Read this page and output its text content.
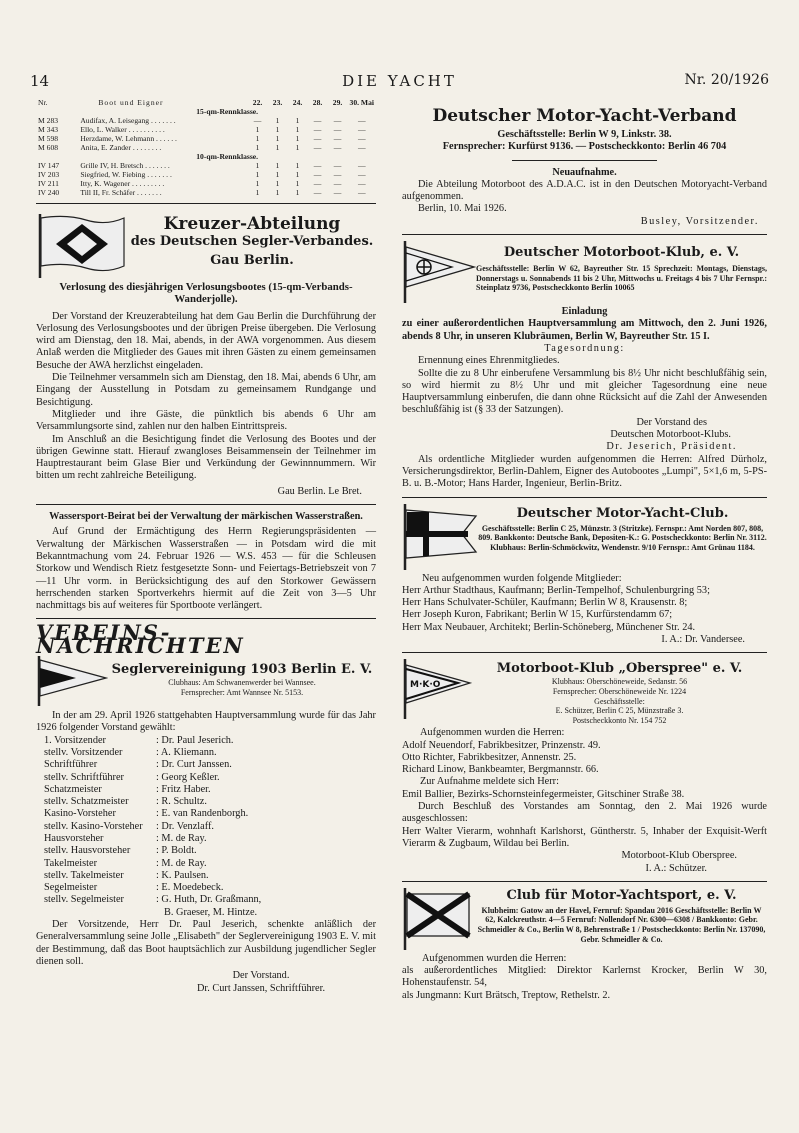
14	DIE YACHT	Nr. 20/1926
Nr.	Boot und Eigner	22.	23.	24.	28.	29.	30. Mai
	15-qm-Rennklasse.						
M 283	Audifax, A. Leisegang . . . . . . .	—	1	1	—	—	—
M 343	Ello, L. Walker . . . . . . . . . .	1	1	1	—	—	—
M 598	Herzdame, W. Lehmann . . . . . .	1	1	1	—	—	—
M 608	Anita, E. Zander . . . . . . . .	1	1	1	—	—	—
	10-qm-Rennklasse.						
IV 147	Grille IV, H. Bretsch . . . . . . .	1	1	1	—	—	—
IV 203	Siegfried, W. Fiebing . . . . . . .	1	1	1	—	—	—
IV 211	Itty, K. Wagener . . . . . . . . .	1	1	1	—	—	—
IV 240	Till II, Fr. Schäfer . . . . . . .	1	1	1	—	—	—
Kreuzer-Abteilung
des Deutschen Segler-Verbandes.
Gau Berlin.

Verlosung des diesjährigen Verlosungsbootes (15-qm-Verbands-Wanderjolle).

Der Vorstand der Kreuzerabteilung hat dem Gau Berlin die Durchführung der Verlosung des Verlosungsbootes und der übrigen Preise übergeben. Die Verlosung wird am Dienstag, den 18. Mai, abends, in der AWA vorgenommen. Aus diesem Anlaß werden die Mitglieder des Gaues mit ihren Gästen zu einem gemeinsamen Besuche der AWA herzlichst eingeladen.

Die Teilnehmer versammeln sich am Dienstag, den 18. Mai, abends 6 Uhr, am Eingang der Ausstellung in Potsdam zu gemeinsamem Rundgange und Besichtigung.

Mitglieder und ihre Gäste, die pünktlich bis abends 6 Uhr am Versammlungsorte sind, zahlen nur den halben Eintrittspreis.

Im Anschluß an die Besichtigung findet die Verlosung des Bootes und der übrigen Gewinne statt. Hierauf zwangloses Beisammensein der Teilnehmer im Hauptrestaurant beim Glase Bier und Verkündung der Gewinnnummern. Wir bitten um recht zahlreiche Beteiligung.

Gau Berlin. Le Bret.

Wassersport-Beirat bei der Verwaltung der märkischen Wasserstraßen.

Auf Grund der Ermächtigung des Herrn Regierungspräsidenten — Verwaltung der Märkischen Wasserstraßen — in Potsdam wird die mit Bekanntmachung vom 24. Februar 1926 — W.S. 453 — für die Schleusen Storkow und Wendisch Rietz festgesetzte Sonn- und Feiertags-Betriebszeit von 7—11 Uhr vorm. in Berücksichtigung des auf den Storkower Gewässern herrschenden starken Sportverkehrs hiermit auf die Zeit von 3—5 Uhr nachmittags bis auf weiteres für Sportboote verlängert.

VEREINS-NACHRICHTEN
Seglervereinigung 1903 Berlin E. V.
Clubhaus: Am Schwanenwerder bei Wannsee.
Fernsprecher: Amt Wannsee Nr. 5153.

In der am 29. April 1926 stattgehabten Hauptversammlung wurde für das Jahr 1926 folgender Vorstand gewählt:

1. Vorsitzender	: Dr. Paul Jeserich.
stellv. Vorsitzender	: A. Kliemann.
Schriftführer	: Dr. Curt Janssen.
stellv. Schriftführer	: Georg Keßler.
Schatzmeister	: Fritz Haber.
stellv. Schatzmeister	: R. Schultz.
Kasino-Vorsteher	: E. van Randenborgh.
stellv. Kasino-Vorsteher	: Dr. Venzlaff.
Hausvorsteher	: M. de Ray.
stellv. Hausvorsteher	: P. Boldt.
Takelmeister	: M. de Ray.
stellv. Takelmeister	: K. Paulsen.
Segelmeister	: E. Moedebeck.
stellv. Segelmeister	: G. Huth, Dr. Graßmann,
	B. Graeser, M. Hintze.

Der Vorsitzende, Herr Dr. Paul Jeserich, schenkte anläßlich der Generalversammlung seine Jolle „Elisabeth" der Seglervereinigung 1903 E. V. mit der Bestimmung, daß das Boot hauptsächlich zur Ausbildung jugendlicher Segler dienen soll.

Der Vorstand.

Dr. Curt Janssen, Schriftführer.

Deutscher Motor-Yacht-Verband

Geschäftsstelle: Berlin W 9, Linkstr. 38.

Fernsprecher: Kurfürst 9136. — Postscheckkonto: Berlin 46 704

Neuaufnahme.

Die Abteilung Motorboot des A.D.A.C. ist in den Deutschen Motoryacht-Verband aufgenommen.

Berlin, 10. Mai 1926.

Busley, Vorsitzender.

Deutscher Motorboot-Klub, e. V.

Geschäftsstelle: Berlin W 62, Bayreuther Str. 15 Sprechzeit: Montags, Dienstags, Donnerstags u. Sonnabends 11 bis 2 Uhr, Mittwochs u. Freitags 4 bis 7 Uhr Fernspr.: Steinplatz 9736, Postscheckkonto Berlin 10065

Einladung

zu einer außerordentlichen Hauptversammlung am Mittwoch, den 2. Juni 1926, abends 8 Uhr, in unseren Klubräumen, Berlin W, Bayreuther Str. 15 I.

Tagesordnung:

Ernennung eines Ehrenmitgliedes.

Sollte die zu 8 Uhr einberufene Versammlung bis 8½ Uhr nicht beschlußfähig sein, so wird hiermit zu 8½ Uhr und mit gleicher Tagesordnung eine neue Hauptversammlung einberufen, die dann ohne Rücksicht auf die Zahl der Anwesenden beschlußfähig ist (§ 33 der Satzungen).

Der Vorstand des

Deutschen Motorboot-Klubs.

Dr. Jeserich, Präsident.

Als ordentliche Mitglieder wurden aufgenommen die Herren: Alfred Dürholz, Versicherungsdirektor, Berlin-Dahlem, Eigner des Autobootes „Lumpi", 5×1,6 m, 5-PS-B. u. B.-Motor; Hans Harder, Ingenieur, Berlin-Britz.

Deutscher Motor-Yacht-Club.

Geschäftsstelle: Berlin C 25, Münzstr. 3 (Stritzke). Fernspr.: Amt Norden 807, 808, 809. Bankkonto: Deutsche Bank, Depositen-K.: G. Postscheckkonto: Berlin Nr. 3112. Klubhaus: Berlin-Schmöckwitz, Wendenstr. 9/10 Fernspr.: Amt Grünau 1184.

Neu aufgenommen wurden folgende Mitglieder:

Herr Arthur Stadthaus, Kaufmann; Berlin-Tempelhof, Schulenburgring 53;

Herr Hans Schulvater-Schüler, Kaufmann; Berlin W 8, Krausenstr. 8;

Herr Joseph Kuron, Fabrikant; Berlin W 15, Kurfürstendamm 67;

Herr Max Neubauer, Architekt; Berlin-Schöneberg, Münchener Str. 24.

I. A.: Dr. Vandersee.

M·K·O
Motorboot-Klub „Oberspree" e. V.
Klubhaus: Oberschöneweide, Sedanstr. 56
Fernsprecher: Oberschöneweide Nr. 1224
Geschäftsstelle:
E. Schützer, Berlin C 25, Münzstraße 3.
Postscheckkonto Nr. 154 752

Aufgenommen wurden die Herren:

Adolf Neuendorf, Fabrikbesitzer, Prinzenstr. 49.

Otto Richter, Fabrikbesitzer, Annenstr. 25.

Richard Linow, Bankbeamter, Bergmannstr. 66.

Zur Aufnahme meldete sich Herr:

Emil Ballier, Bezirks-Schornsteinfegermeister, Gitschiner Straße 38.

Durch Beschluß des Vorstandes am Sonntag, den 2. Mai 1926 wurde ausgeschlossen:

Herr Walter Vierarm, wohnhaft Karlshorst, Güntherstr. 5, Inhaber der Exquisit-Werft Vierarm & Zugbaum, Wildau bei Berlin.

Motorboot-Klub Oberspree.

I. A.: Schützer.

Club für Motor-Yachtsport, e. V.

Klubheim: Gatow an der Havel, Fernruf: Spandau 2016 Geschäftsstelle: Berlin W 62, Kalckreuthstr. 4—5 Fernruf: Nollendorf Nr. 6300—6308 / Bankkonto: Gebr. Schmeidler & Co., Berlin W 8, Behrenstraße 1 / Postscheckkonto: Berlin Nr. 137090, Gebr. Schmeidler & Co.

Aufgenommen wurden die Herren:

als außerordentliches Mitglied: Direktor Karlernst Krocker, Berlin W 30, Hohenstaufenstr. 54,

als Jungmann: Kurt Brätsch, Treptow, Rethelstr. 2.
